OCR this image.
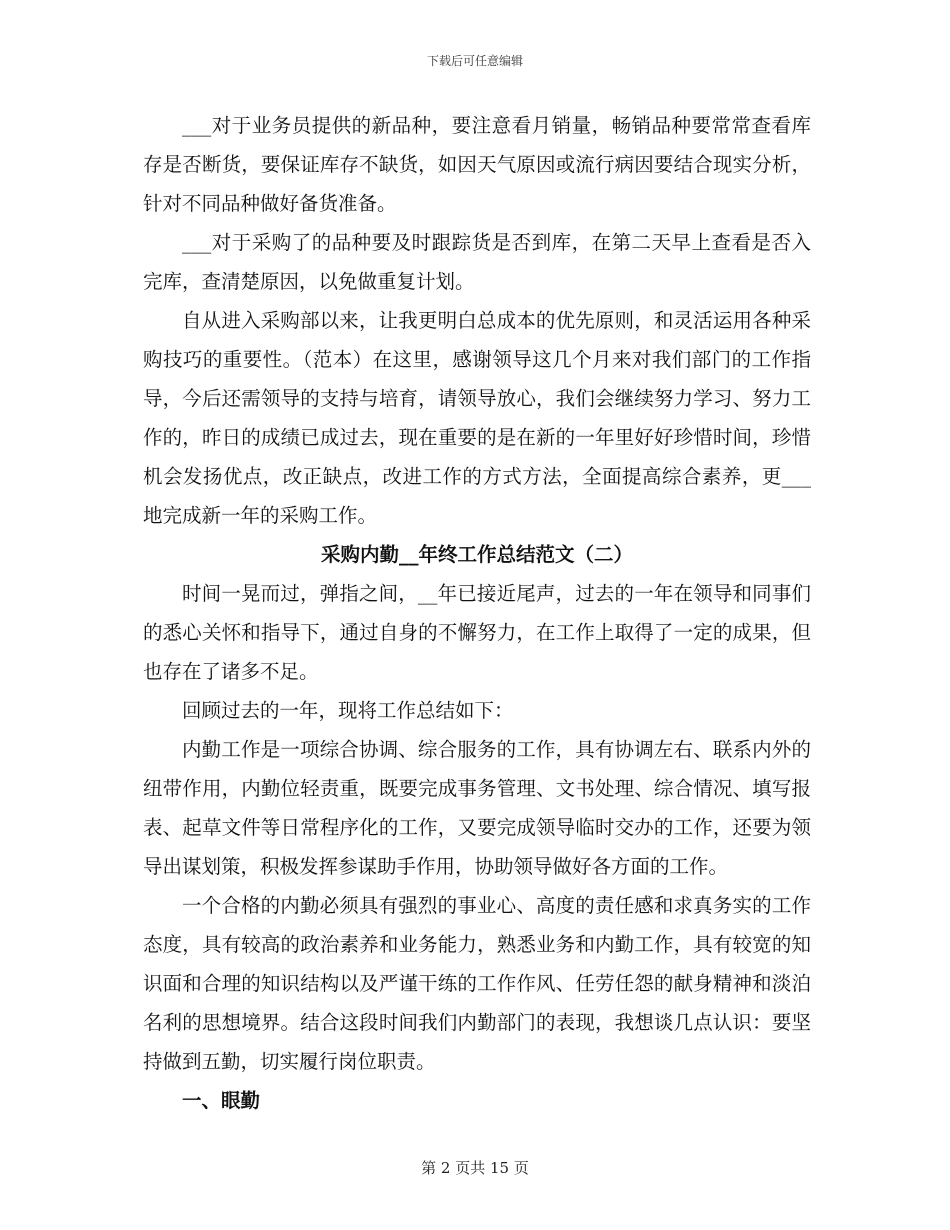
下载后可任意编辑

___对于业务员提供的新品种，要注意看月销量，畅销品种要常常查看库存是否断货，要保证库存不缺货，如因天气原因或流行病因要结合现实分析，针对不同品种做好备货准备。

___对于采购了的品种要及时跟踪货是否到库，在第二天早上查看是否入完库，查清楚原因，以免做重复计划。

自从进入采购部以来，让我更明白总成本的优先原则，和灵活运用各种采购技巧的重要性。（范本）在这里，感谢领导这几个月来对我们部门的工作指导，今后还需领导的支持与培育，请领导放心，我们会继续努力学习、努力工作的，昨日的成绩已成过去，现在重要的是在新的一年里好好珍惜时间，珍惜机会发扬优点，改正缺点，改进工作的方式方法，全面提高综合素养，更___地完成新一年的采购工作。

采购内勤__年终工作总结范文（二）

时间一晃而过，弹指之间，__年已接近尾声，过去的一年在领导和同事们的悉心关怀和指导下，通过自身的不懈努力，在工作上取得了一定的成果，但也存在了诸多不足。

回顾过去的一年，现将工作总结如下：

内勤工作是一项综合协调、综合服务的工作，具有协调左右、联系内外的纽带作用，内勤位轻责重，既要完成事务管理、文书处理、综合情况、填写报表、起草文件等日常程序化的工作，又要完成领导临时交办的工作，还要为领导出谋划策，积极发挥参谋助手作用，协助领导做好各方面的工作。

一个合格的内勤必须具有强烈的事业心、高度的责任感和求真务实的工作态度，具有较高的政治素养和业务能力，熟悉业务和内勤工作，具有较宽的知识面和合理的知识结构以及严谨干练的工作作风、任劳任怨的献身精神和淡泊名利的思想境界。结合这段时间我们内勤部门的表现，我想谈几点认识：要坚持做到五勤，切实履行岗位职责。

一、眼勤

第 2 页共 15 页
